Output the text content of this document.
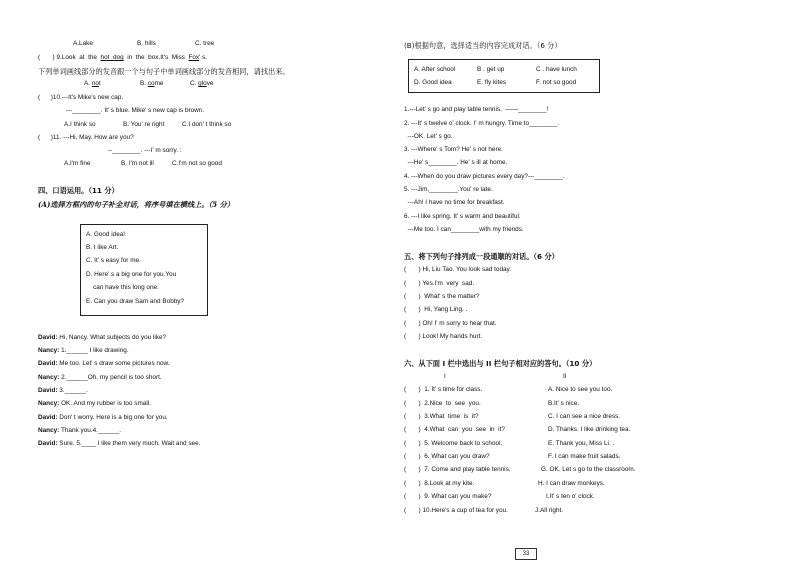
A.Lake	B. hills	C. tree
(       ) 9.Look  at  the  hot  dog  in  the  box.It's  Miss  Fox' s.
下列单词画线部分的发音跟一个与句子中单词画线部分的发音相同，请找出来。
A. not	B. come	C. glove
(      )10.---It's Mike's new cap.
---________. It' s blue. Mike' s new cap is brown.
A.I think so	B. You' re right	C.I don' t think so
(      )11. ---Hi, May. How are you?
--________. ---I' m sorry. :
A.I'm fine	B. I'm not ill	C.I'm not so good
四、口语运用。（11 分）
(A)选择方框内的句子补全对话，将序号填在横线上。（5 分）
A. Good idea!
B. I like Art.
C. It' s easy for me.
D. Here' s a big one for you.You
can have this long one.
E. Can you draw Sam and Bobby?
David: Hi, Nancy. What subjects do you like?
Nancy: 1.______ I like drawing.
David: Me too. Let' s draw some pictures now.
Nancy: 2.______Oh, my pencil is too short.
David: 3.______.
Nancy: OK. And my rubber is too small.
David: Don' t worry. Here is a big one for you.
Nancy: Thank you.4.______.
David: Sure. 5.____ I like them very much. Wait and see.
(B)根据句意，选择适当的内容完成对话。（6 分）
A. After school	B . get up	C . have lunch
D. Good idea	E. fly kites	F. not so good
1.---Let' s go and play table tennis.  ——________!
2. ---It' s twelve o' clock. I' m hungry. Time to________.
---OK. Let' s go.
3. ---Where' s Tom? He' s not here.
---He' s________. He' s ill at home.
4. ---When do you draw pictures every day?---________.
5. ---Jim,________.You' re late.
---Ah! I have no time for breakfast.
6. ---I like spring. It' s warm and beautiful.
---Me too. I can________with my friends.
五、将下列句子排列成一段通顺的对话。（6 分）
(       ) Hi, Liu Tao. You look sad today.
(       ) Yes.I'm  very  sad.
(       )  What' s the matter?
(       )  Hi, Yang Ling. .
(       ) Oh! I' m sorry to hear that.
(       ) Look! My hands hurt.
六、从下面 I 栏中选出与 II 栏句子相对应的答句。（10 分）
I	II
(       )  1. It' s time for class.	A. Nice to see you too.
(       )  2.Nice  to  see  you.	B.It' s nice.
(       )  3.What  time  is  it?	C. I can see a nice dress.
(       )  4.What  can  you  see  in  it?	D. Thanks. I like drinking tea.
(       )  5. Welcome back to school.	E. Thank you, Miss Li. .
(       )  6. What can you draw?	F. I can make fruit salads.
(       )  7. Come and play table tennis.	G. OK. Let s go to the classroom.
(       )  8.Look at my kite.	H. I can draw monkeys.
(       )  9. What can you make?	I.It' s ten o' clock.
(       ) 10.Here's a cup of tea for you.	J.All right.
33
